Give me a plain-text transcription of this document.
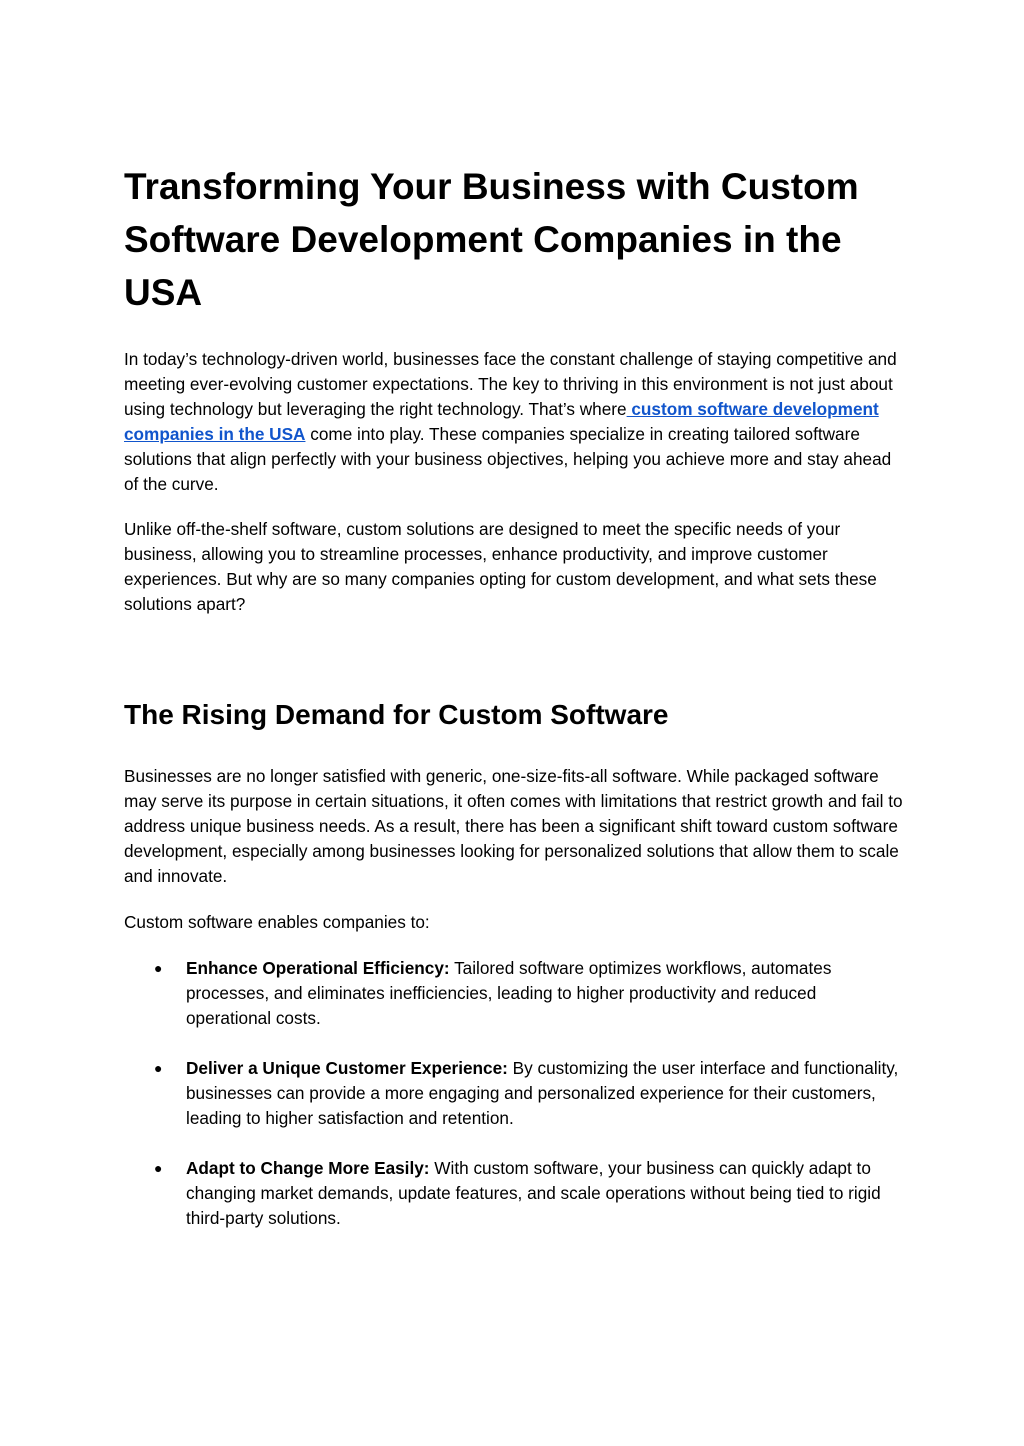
Transforming Your Business with Custom Software Development Companies in the USA

In today’s technology-driven world, businesses face the constant challenge of staying competitive and meeting ever-evolving customer expectations. The key to thriving in this environment is not just about using technology but leveraging the right technology. That’s where custom software development companies in the USA come into play. These companies specialize in creating tailored software solutions that align perfectly with your business objectives, helping you achieve more and stay ahead of the curve.

Unlike off-the-shelf software, custom solutions are designed to meet the specific needs of your business, allowing you to streamline processes, enhance productivity, and improve customer experiences. But why are so many companies opting for custom development, and what sets these solutions apart?

The Rising Demand for Custom Software

Businesses are no longer satisfied with generic, one-size-fits-all software. While packaged software may serve its purpose in certain situations, it often comes with limitations that restrict growth and fail to address unique business needs. As a result, there has been a significant shift toward custom software development, especially among businesses looking for personalized solutions that allow them to scale and innovate.

Custom software enables companies to:

● Enhance Operational Efficiency: Tailored software optimizes workflows, automates processes, and eliminates inefficiencies, leading to higher productivity and reduced operational costs.
● Deliver a Unique Customer Experience: By customizing the user interface and functionality, businesses can provide a more engaging and personalized experience for their customers, leading to higher satisfaction and retention.
● Adapt to Change More Easily: With custom software, your business can quickly adapt to changing market demands, update features, and scale operations without being tied to rigid third-party solutions.
